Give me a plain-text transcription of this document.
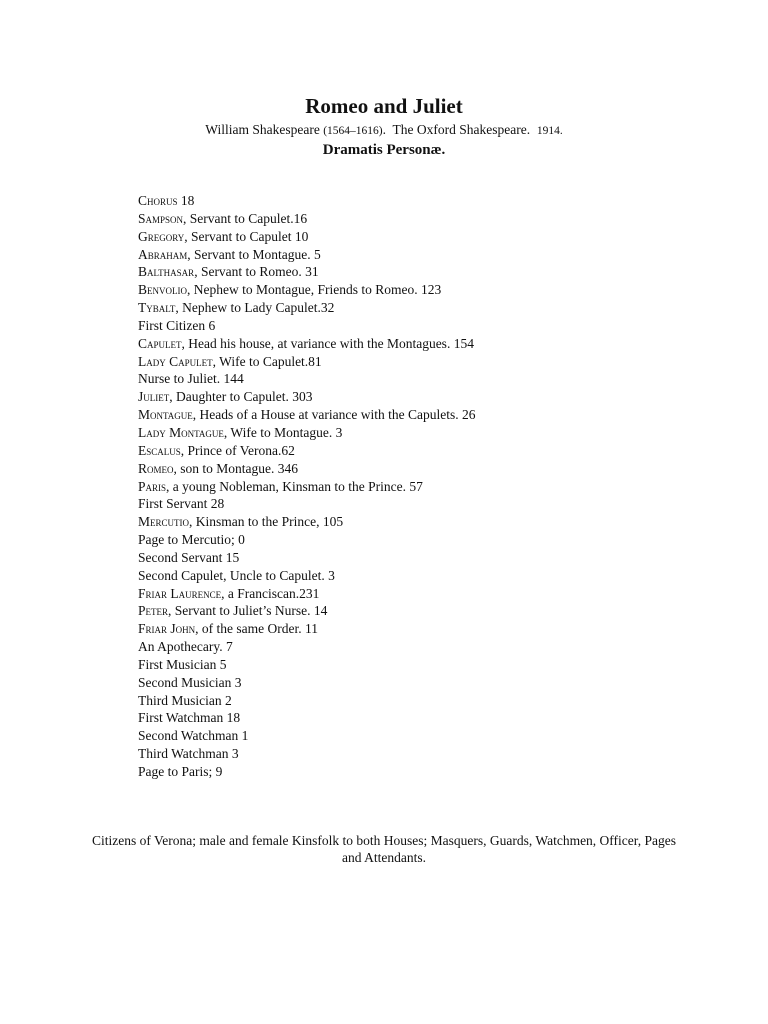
Romeo and Juliet
William Shakespeare (1564–1616).  The Oxford Shakespeare. 1914.
Dramatis Personæ.
Chorus 18
Sampson, Servant to Capulet.16
Gregory, Servant to Capulet 10
Abraham, Servant to Montague. 5
Balthasar, Servant to Romeo. 31
Benvolio, Nephew to Montague, Friends to Romeo. 123
Tybalt, Nephew to Lady Capulet.32
First Citizen 6
Capulet, Head his house, at variance with the Montagues. 154
Lady Capulet, Wife to Capulet.81
Nurse to Juliet. 144
Juliet, Daughter to Capulet. 303
Montague, Heads of a House at variance with the Capulets. 26
Lady Montague, Wife to Montague. 3
Escalus, Prince of Verona.62
Romeo, son to Montague. 346
Paris, a young Nobleman, Kinsman to the Prince. 57
First Servant 28
Mercutio, Kinsman to the Prince, 105
Page to Mercutio; 0
Second Servant 15
Second Capulet, Uncle to Capulet. 3
Friar Laurence, a Franciscan.231
Peter, Servant to Juliet’s Nurse. 14
Friar John, of the same Order. 11
An Apothecary. 7
First Musician 5
Second Musician 3
Third Musician 2
First Watchman 18
Second Watchman 1
Third Watchman 3
Page to Paris; 9
Citizens of Verona; male and female Kinsfolk to both Houses; Masquers, Guards, Watchmen, Officer, Pages and Attendants.
